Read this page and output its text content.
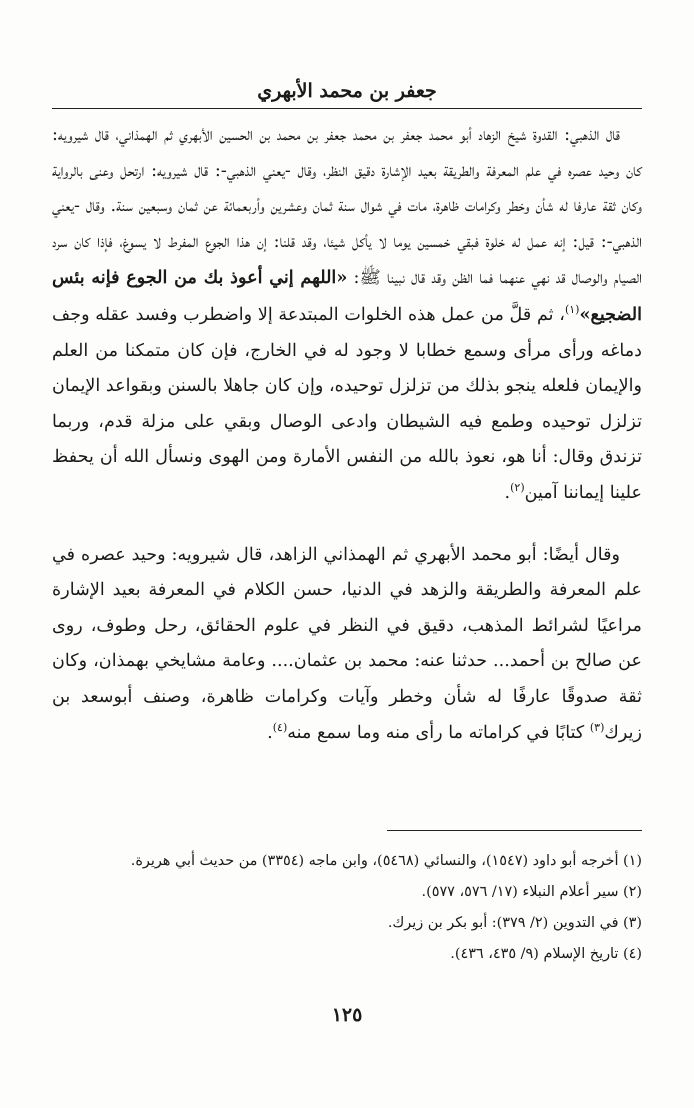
جعفر بن محمد الأبهري
قال الذهبي: القدوة شيخ الزهاد أبو محمد جعفر بن محمد جعفر بن محمد بن الحسين الأبهري ثم الهمذاني، قال شيرويه: كان وحيد عصره في علم المعرفة والطريقة بعيد الإشارة دقيق النظر، وقال -يعني الذهبي-: قال شيرويه: ارتحل وعنى بالرواية وكان ثقة عارفا له شأن وخطر وكرامات ظاهرة، مات في شوال سنة ثمان وعشرين وأربعمائة عن ثمان وسبعين سنة. وقال -يعني الذهبي-: قيل: إنه عمل له خلوة فبقي خمسين يوما لا يأكل شيئا، وقد قلنا: إن هذا الجوع المفرط لا يسوغ، فإذا كان سرد الصيام والوصال قد نهي عنهما فما الظن وقد قال نبينا ﷺ: «اللهم إني أعوذ بك من الجوع فإنه بئس الضجيع»$^{(١)}$، ثم قلَّ من عمل هذه الخلوات المبتدعة إلا واضطرب وفسد عقله وجف دماغه ورأى مرأى وسمع خطابا لا وجود له في الخارج، فإن كان متمكنا من العلم والإيمان فلعله ينجو بذلك من تزلزل توحيده، وإن كان جاهلا بالسنن وبقواعد الإيمان تزلزل توحيده وطمع فيه الشيطان وادعى الوصال وبقي على مزلة قدم، وربما تزندق وقال: أنا هو، نعوذ بالله من النفس الأمارة ومن الهوى ونسأل الله أن يحفظ علينا إيماننا آمين$^{(٢)}$.
وقال أيضًا: أبو محمد الأبهري ثم الهمذاني الزاهد، قال شيرويه: وحيد عصره في علم المعرفة والطريقة والزهد في الدنيا، حسن الكلام في المعرفة بعيد الإشارة مراعيًا لشرائط المذهب، دقيق في النظر في علوم الحقائق، رحل وطوف، روى عن صالح بن أحمد... حدثنا عنه: محمد بن عثمان.... وعامة مشايخي بهمذان، وكان ثقة صدوقًا عارفًا له شأن وخطر وآيات وكرامات ظاهرة، وصنف أبوسعد بن زيرك$^{(٣)}$ كتابًا في كراماته ما رأى منه وما سمع منه$^{(٤)}$.
(١) أخرجه أبو داود (١٥٤٧)، والنسائي (٥٤٦٨)، وابن ماجه (٣٣٥٤) من حديث أبي هريرة.
(٢) سير أعلام النبلاء (١٧/ ٥٧٦، ٥٧٧).
(٣) في التدوين (٢/ ٣٧٩): أبو بكر بن زيرك.
(٤) تاريخ الإسلام (٩/ ٤٣٥، ٤٣٦).
١٢٥
